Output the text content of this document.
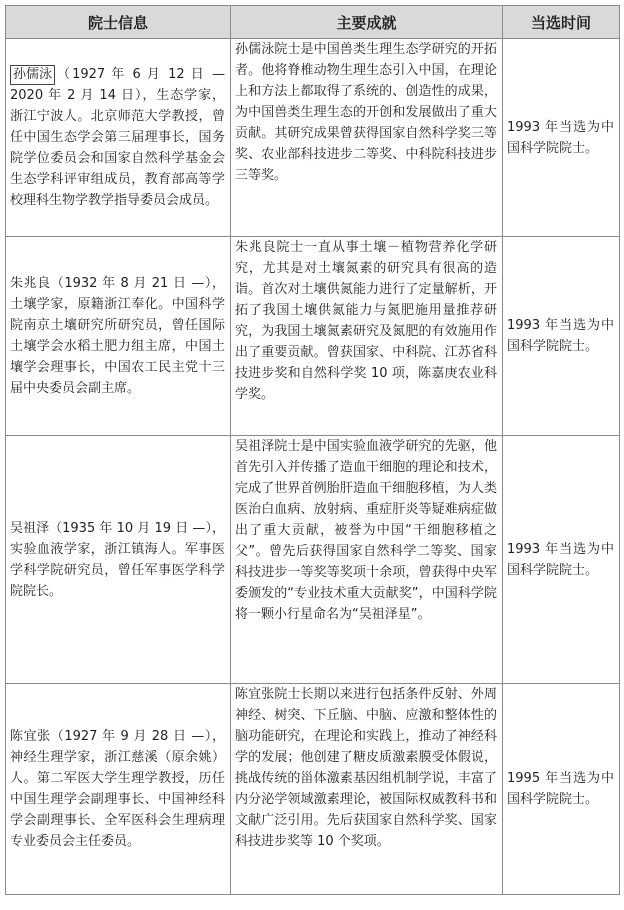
院士信息	主要成就	当选时间
孙儒泳 （1927 年 6 月 12 日 —2020 年 2 月 14 日），生态学家，浙江宁波人。北京师范大学教授，曾任中国生态学会第三届理事长，国务院学位委员会和国家自然科学基金会生态学科评审组成员，教育部高等学校理科生物学教学指导委员会成员。	孙儒泳院士是中国兽类生理生态学研究的开拓者。他将脊椎动物生理生态引入中国，在理论上和方法上都取得了系统的、创造性的成果，为中国兽类生理生态的开创和发展做出了重大贡献。其研究成果曾获得国家自然科学奖三等奖、农业部科技进步二等奖、中科院科技进步三等奖。	1993 年当选为中国科学院院士。
朱兆良（1932 年 8 月 21 日 —），土壤学家，原籍浙江奉化。中国科学院南京土壤研究所研究员，曾任国际土壤学会水稻土肥力组主席，中国土壤学会理事长，中国农工民主党十三届中央委员会副主席。	朱兆良院士一直从事土壤－植物营养化学研究，尤其是对土壤氮素的研究具有很高的造诣。首次对土壤供氮能力进行了定量解析，开拓了我国土壤供氮能力与氮肥施用量推荐研究，为我国土壤氮素研究及氮肥的有效施用作出了重要贡献。曾获国家、中科院、江苏省科技进步奖和自然科学奖 10 项，陈嘉庚农业科学奖。	1993 年当选为中国科学院院士。
吴祖泽（1935 年 10 月 19 日 —），实验血液学家，浙江镇海人。军事医学科学院研究员，曾任军事医学科学院院长。	吴祖泽院士是中国实验血液学研究的先驱，他首先引入并传播了造血干细胞的理论和技术，完成了世界首例胎肝造血干细胞移植，为人类医治白血病、放射病、重症肝炎等疑难病症做出了重大贡献，被誉为中国“干细胞移植之父”。曾先后获得国家自然科学二等奖、国家科技进步一等奖等奖项十余项，曾获得中央军委颁发的“专业技术重大贡献奖”，中国科学院将一颗小行星命名为“吴祖泽星”。	1993 年当选为中国科学院院士。
陈宜张（1927 年 9 月 28 日 —），神经生理学家，浙江慈溪（原余姚）人。第二军医大学生理学教授，历任中国生理学会副理事长、中国神经科学会副理事长、全军医科会生理病理专业委员会主任委员。	陈宜张院士长期以来进行包括条件反射、外周神经、树突、下丘脑、中脑、应激和整体性的脑功能研究，在理论和实践上，推动了神经科学的发展；他创建了糖皮质激素膜受体假说，挑战传统的甾体激素基因组机制学说，丰富了内分泌学领域激素理论，被国际权威教科书和文献广泛引用。先后获国家自然科学奖、国家科技进步奖等 10 个奖项。	1995 年当选为中国科学院院士。
